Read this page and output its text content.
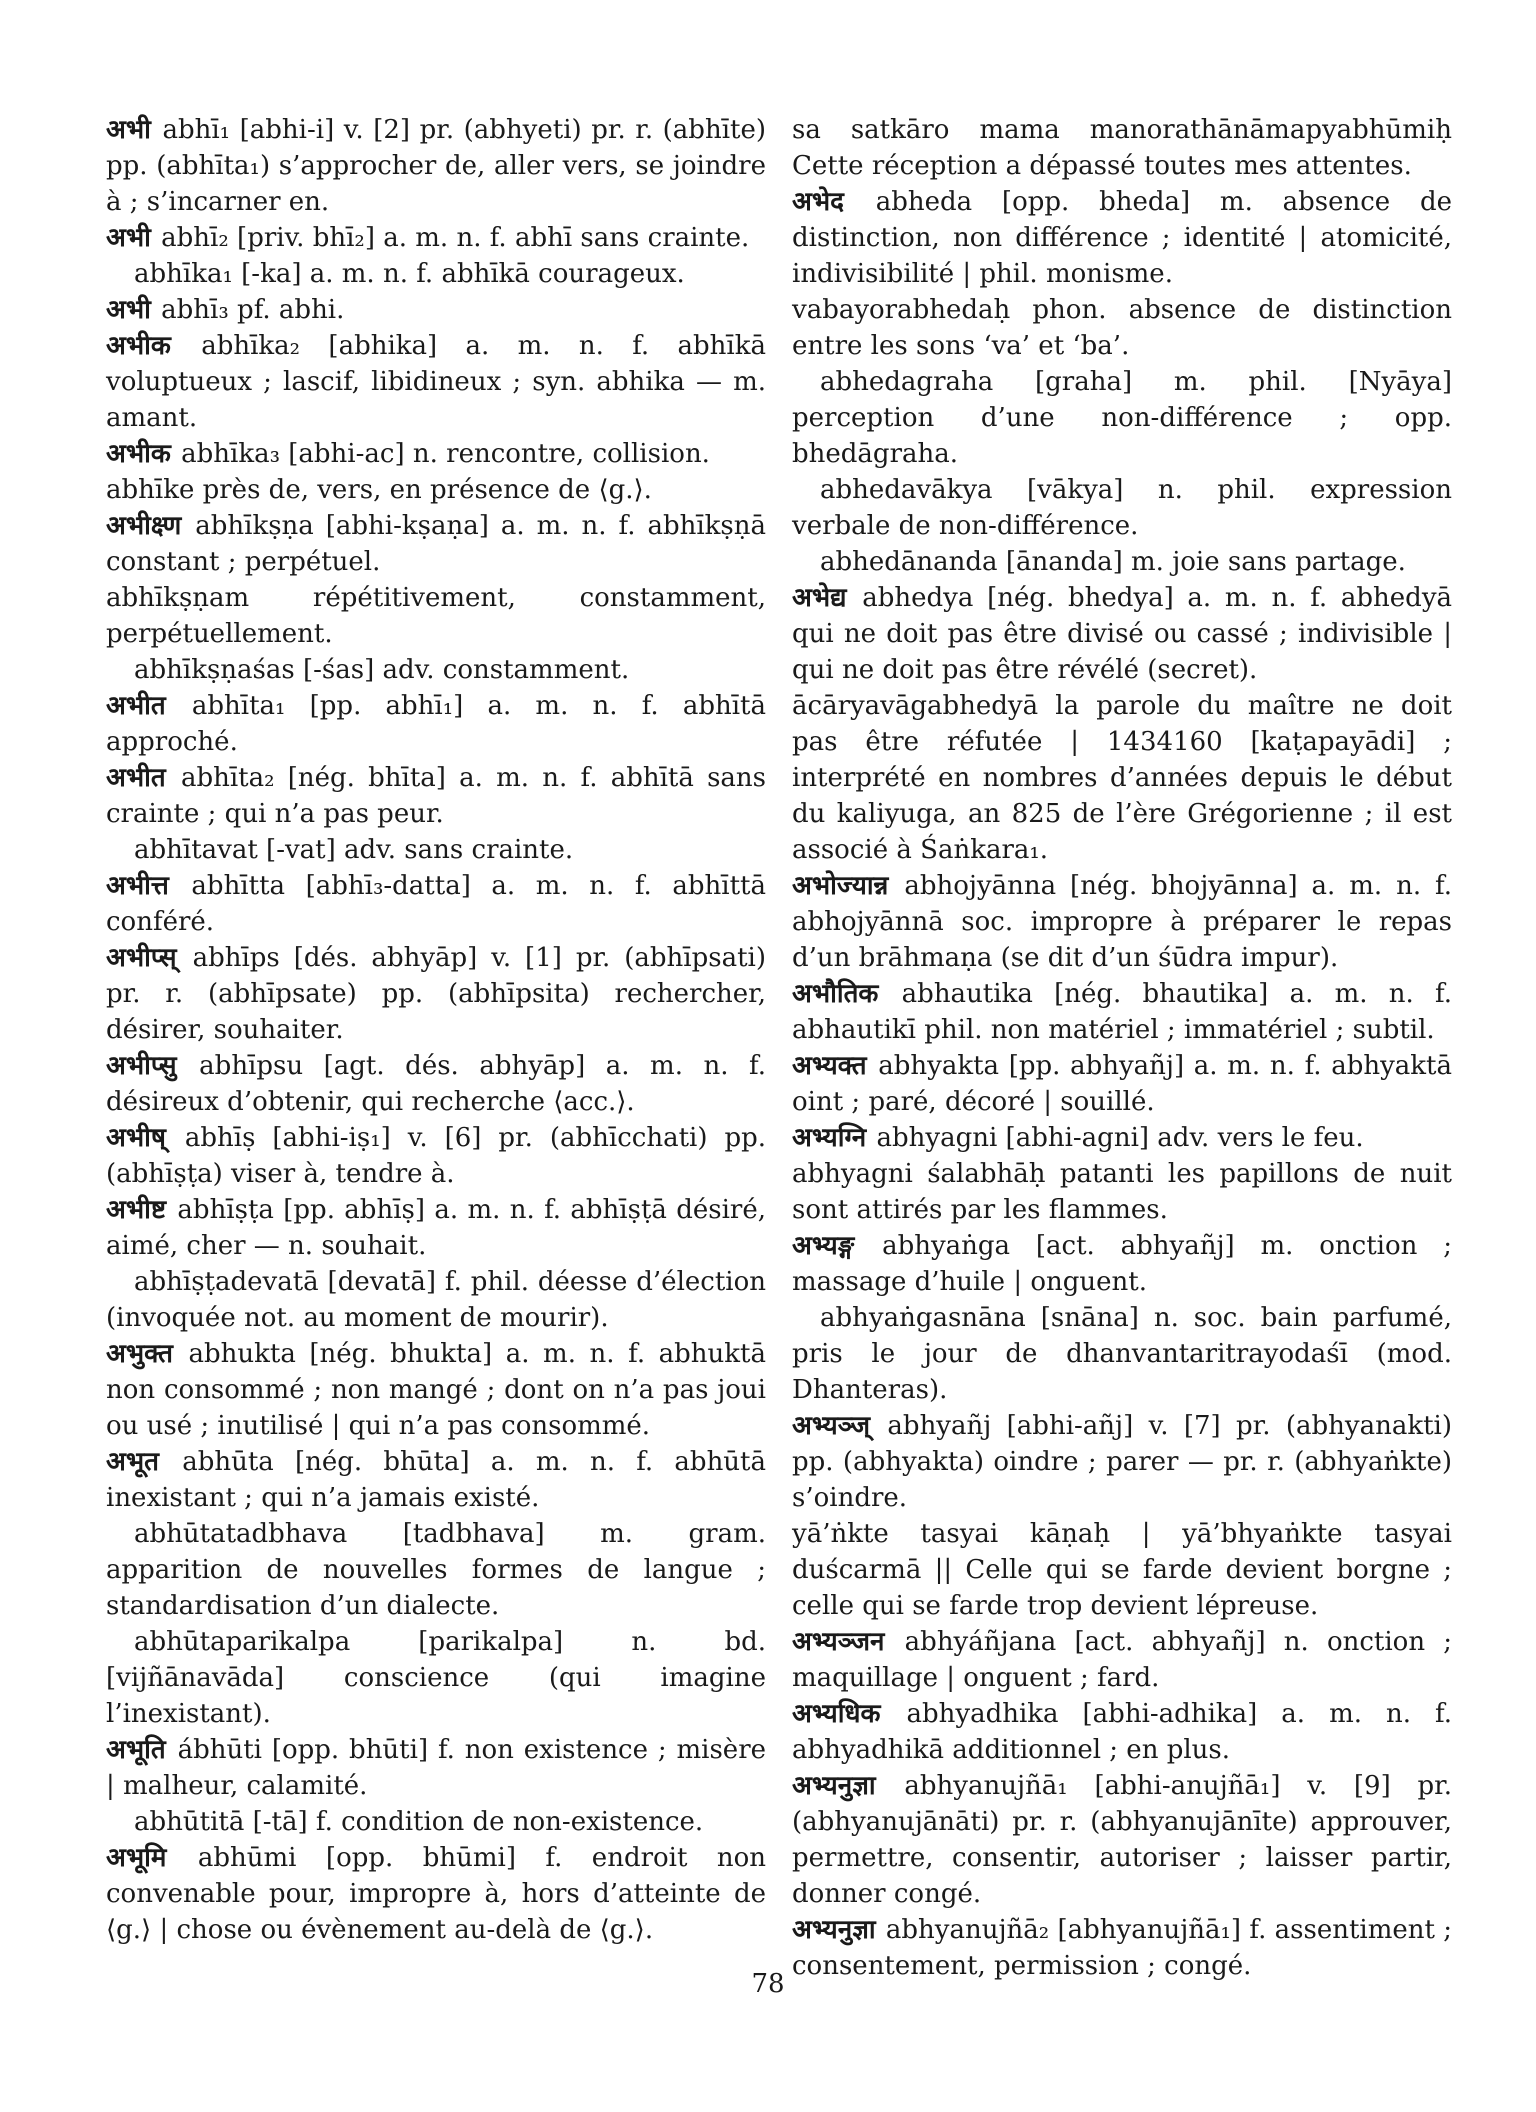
अभी abhī₁ [abhi-i] v. [2] pr. (abhyeti) pr. r. (abhīte) pp. (abhīta₁) s’approcher de, aller vers, se joindre à ; s’incarner en.

अभी abhī₂ [priv. bhī₂] a. m. n. f. abhī sans crainte.

abhīka₁ [-ka] a. m. n. f. abhīkā courageux.

अभी abhī₃ pf. abhi.

अभीक abhīka₂ [abhika] a. m. n. f. abhīkā voluptueux ; lascif, libidineux ; syn. abhika — m. amant.

अभीक abhīka₃ [abhi-ac] n. rencontre, collision.

abhīke près de, vers, en présence de ⟨g.⟩.

अभीक्ष्ण abhīkṣṇa [abhi-kṣaṇa] a. m. n. f. abhīkṣṇā constant ; perpétuel.

abhīkṣṇam répétitivement, constamment, perpétuellement.

abhīkṣṇaśas [-śas] adv. constamment.

अभीत abhīta₁ [pp. abhī₁] a. m. n. f. abhītā approché.

अभीत abhīta₂ [nég. bhīta] a. m. n. f. abhītā sans crainte ; qui n’a pas peur.

abhītavat [-vat] adv. sans crainte.

अभीत्त abhītta [abhī₃-datta] a. m. n. f. abhīttā conféré.

अभीप्स् abhīps [dés. abhyāp] v. [1] pr. (abhīpsati) pr. r. (abhīpsate) pp. (abhīpsita) rechercher, désirer, souhaiter.

अभीप्सु abhīpsu [agt. dés. abhyāp] a. m. n. f. désireux d’obtenir, qui recherche ⟨acc.⟩.

अभीष् abhīṣ [abhi-iṣ₁] v. [6] pr. (abhīcchati) pp. (abhīṣṭa) viser à, tendre à.

अभीष्ट abhīṣṭa [pp. abhīṣ] a. m. n. f. abhīṣṭā désiré, aimé, cher — n. souhait.

abhīṣṭadevatā [devatā] f. phil. déesse d’élection (invoquée not. au moment de mourir).

अभुक्त abhukta [nég. bhukta] a. m. n. f. abhuktā non consommé ; non mangé ; dont on n’a pas joui ou usé ; inutilisé | qui n’a pas consommé.

अभूत abhūta [nég. bhūta] a. m. n. f. abhūtā inexistant ; qui n’a jamais existé.

abhūtatadbhava [tadbhava] m. gram. apparition de nouvelles formes de langue ; standardisation d’un dialecte.

abhūtaparikalpa [parikalpa] n. bd. [vijñānavāda] conscience (qui imagine l’inexistant).

अभूति ábhūti [opp. bhūti] f. non existence ; misère | malheur, calamité.

abhūtitā [-tā] f. condition de non-existence.

अभूमि abhūmi [opp. bhūmi] f. endroit non convenable pour, impropre à, hors d’atteinte de ⟨g.⟩ | chose ou évènement au-delà de ⟨g.⟩.

sa satkāro mama manorathānāmapyabhūmiḥ Cette réception a dépassé toutes mes attentes.

अभेद abheda [opp. bheda] m. absence de distinction, non différence ; identité | atomicité, indivisibilité | phil. monisme.

vabayorabhedaḥ phon. absence de distinction entre les sons ‘va’ et ‘ba’.

abhedagraha [graha] m. phil. [Nyāya] perception d’une non-différence ; opp. bhedāgraha.

abhedavākya [vākya] n. phil. expression verbale de non-différence.

abhedānanda [ānanda] m. joie sans partage.

अभेद्य abhedya [nég. bhedya] a. m. n. f. abhedyā qui ne doit pas être divisé ou cassé ; indivisible | qui ne doit pas être révélé (secret).

ācāryavāgabhedyā la parole du maître ne doit pas être réfutée | 1434160 [kaṭapayādi] ; interprété en nombres d’années depuis le début du kaliyuga, an 825 de l’ère Grégorienne ; il est associé à Śaṅkara₁.

अभोज्यान्न abhojyānna [nég. bhojyānna] a. m. n. f. abhojyānnā soc. impropre à préparer le repas d’un brāhmaṇa (se dit d’un śūdra impur).

अभौतिक abhautika [nég. bhautika] a. m. n. f. abhautikī phil. non matériel ; immatériel ; subtil.

अभ्यक्त abhyakta [pp. abhyañj] a. m. n. f. abhyaktā oint ; paré, décoré | souillé.

अभ्यग्नि abhyagni [abhi-agni] adv. vers le feu.

abhyagni śalabhāḥ patanti les papillons de nuit sont attirés par les flammes.

अभ्यङ्ग abhyaṅga [act. abhyañj] m. onction ; massage d’huile | onguent.

abhyaṅgasnāna [snāna] n. soc. bain parfumé, pris le jour de dhanvantaritrayodaśī (mod. Dhanteras).

अभ्यञ्ज् abhyañj [abhi-añj] v. [7] pr. (abhyanakti) pp. (abhyakta) oindre ; parer — pr. r. (abhyaṅkte) s’oindre.

yā’ṅkte tasyai kāṇaḥ | yā’bhyaṅkte tasyai duścarmā || Celle qui se farde devient borgne ; celle qui se farde trop devient lépreuse.

अभ्यञ्जन abhyáñjana [act. abhyañj] n. onction ; maquillage | onguent ; fard.

अभ्यधिक abhyadhika [abhi-adhika] a. m. n. f. abhyadhikā additionnel ; en plus.

अभ्यनुज्ञा abhyanujñā₁ [abhi-anujñā₁] v. [9] pr. (abhyanujānāti) pr. r. (abhyanujānīte) approuver, permettre, consentir, autoriser ; laisser partir, donner congé.

अभ्यनुज्ञा abhyanujñā₂ [abhyanujñā₁] f. assentiment ; consentement, permission ; congé.

78
